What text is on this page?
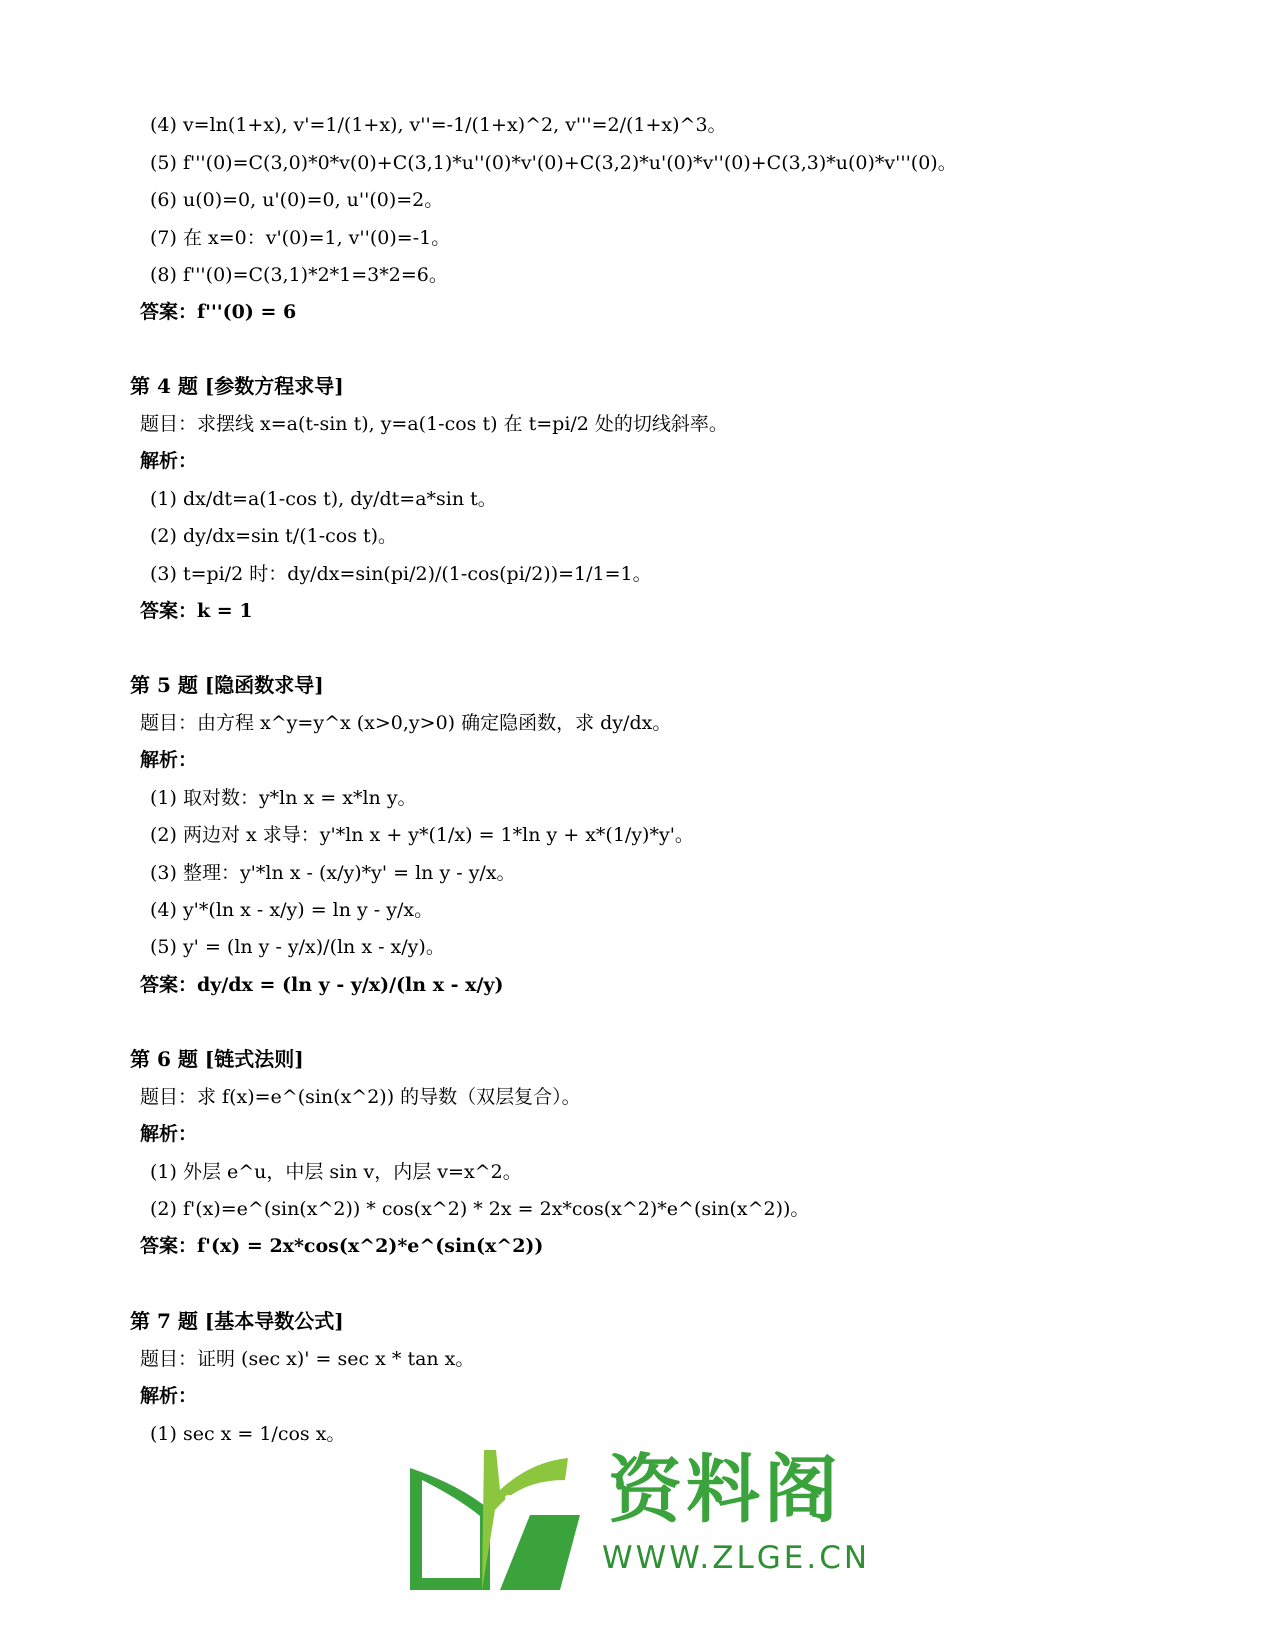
(4) v=ln(1+x), v'=1/(1+x), v''=-1/(1+x)^2, v'''=2/(1+x)^3。
(5) f'''(0)=C(3,0)*0*v(0)+C(3,1)*u''(0)*v'(0)+C(3,2)*u'(0)*v''(0)+C(3,3)*u(0)*v'''(0)。
(6) u(0)=0, u'(0)=0, u''(0)=2。
(7) 在 x=0：v'(0)=1, v''(0)=-1。
(8) f'''(0)=C(3,1)*2*1=3*2=6。
答案：f'''(0) = 6
第 4 题 [参数方程求导]
题目：求摆线 x=a(t-sin t), y=a(1-cos t) 在 t=pi/2 处的切线斜率。
解析：
(1) dx/dt=a(1-cos t), dy/dt=a*sin t。
(2) dy/dx=sin t/(1-cos t)。
(3) t=pi/2 时：dy/dx=sin(pi/2)/(1-cos(pi/2))=1/1=1。
答案：k = 1
第 5 题 [隐函数求导]
题目：由方程 x^y=y^x (x>0,y>0) 确定隐函数，求 dy/dx。
解析：
(1) 取对数：y*ln x = x*ln y。
(2) 两边对 x 求导：y'*ln x + y*(1/x) = 1*ln y + x*(1/y)*y'。
(3) 整理：y'*ln x - (x/y)*y' = ln y - y/x。
(4) y'*(ln x - x/y) = ln y - y/x。
(5) y' = (ln y - y/x)/(ln x - x/y)。
答案：dy/dx = (ln y - y/x)/(ln x - x/y)
第 6 题 [链式法则]
题目：求 f(x)=e^(sin(x^2)) 的导数（双层复合）。
解析：
(1) 外层 e^u，中层 sin v，内层 v=x^2。
(2) f'(x)=e^(sin(x^2)) * cos(x^2) * 2x = 2x*cos(x^2)*e^(sin(x^2))。
答案：f'(x) = 2x*cos(x^2)*e^(sin(x^2))
第 7 题 [基本导数公式]
题目：证明 (sec x)' = sec x * tan x。
解析：
(1) sec x = 1/cos x。
资料阁
WWW.ZLGE.CN
